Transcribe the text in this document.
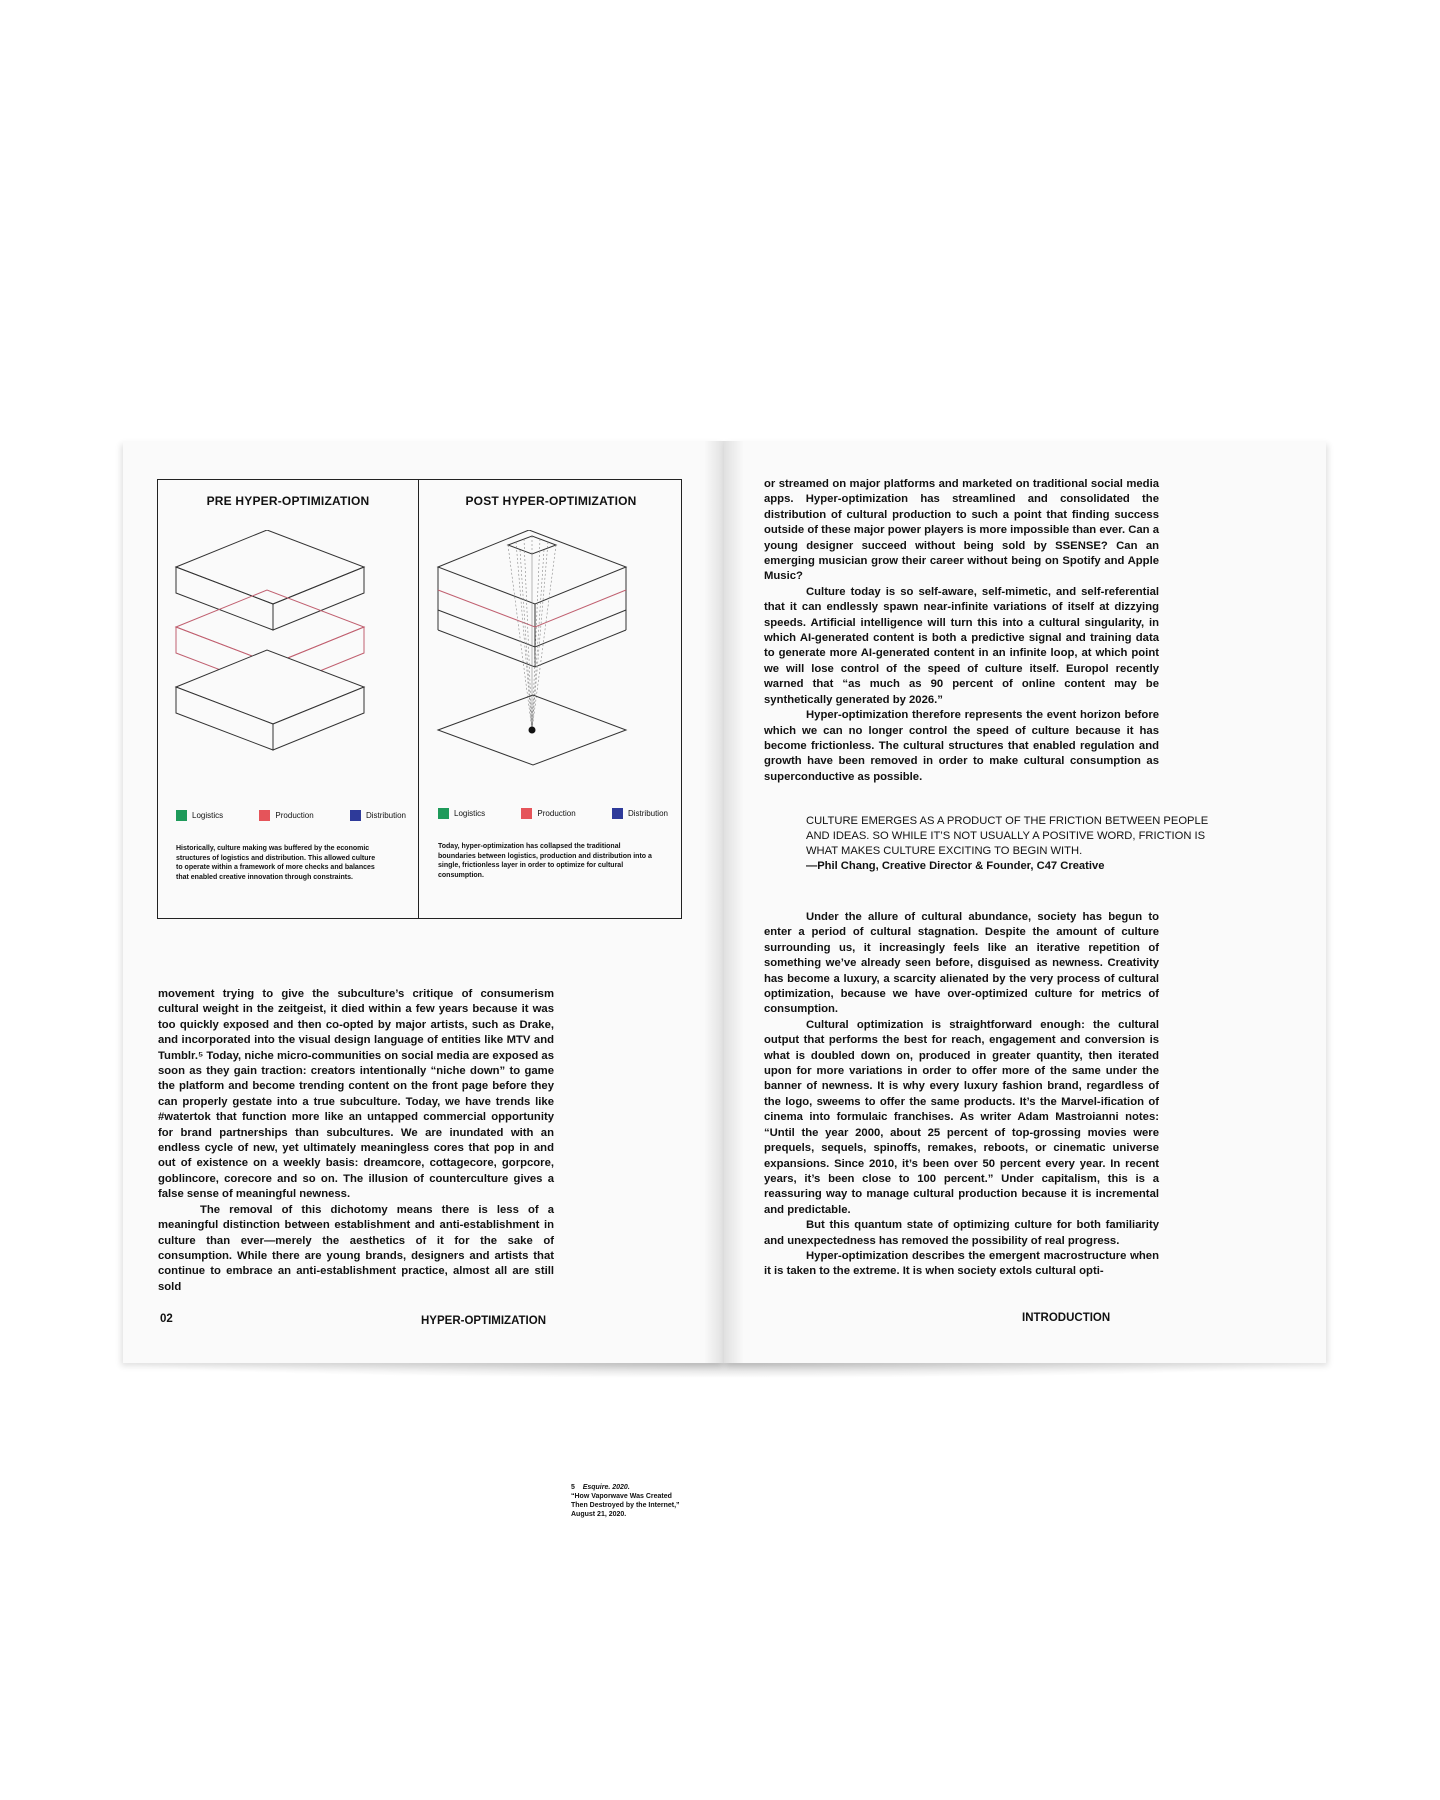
PRE HYPER-OPTIMIZATION
Logistics	Production	Distribution
Historically, culture making was buffered by the economic structures of logistics and distribution. This allowed culture to operate within a framework of more checks and balances that enabled creative innovation through constraints.
POST HYPER-OPTIMIZATION
Logistics	Production	Distribution
Today, hyper-optimization has collapsed the traditional boundaries between logistics, production and distribution into a single, frictionless layer in order to optimize for cultural consumption.

movement trying to give the subculture’s critique of consumerism cultural weight in the zeitgeist, it died within a few years because it was too quickly exposed and then co-opted by major artists, such as Drake, and incorporated into the visual design language of entities like MTV and Tumblr.⁵ Today, niche micro-communities on social media are exposed as soon as they gain traction: creators intentionally “niche down” to game the platform and become trending content on the front page before they can properly gestate into a true subculture. Today, we have trends like #watertok that function more like an untapped commercial opportunity for brand partnerships than subcultures. We are inundated with an endless cycle of new, yet ultimately meaningless cores that pop in and out of existence on a weekly basis: dreamcore, cottagecore, gorpcore, goblincore, corecore and so on. The illusion of counterculture gives a false sense of meaningful newness.

The removal of this dichotomy means there is less of a meaningful distinction between establishment and anti-establishment in culture than ever—merely the aesthetics of it for the sake of consumption. While there are young brands, designers and artists that continue to embrace an anti-establishment practice, almost all are still sold

5 Esquire. 2020.
“How Vaporwave Was Created Then Destroyed by the Internet,” August 21, 2020.
02	HYPER-OPTIMIZATION

or streamed on major platforms and marketed on traditional social media apps. Hyper-optimization has streamlined and consolidated the distribution of cultural production to such a point that finding success outside of these major power players is more impossible than ever. Can a young designer succeed without being sold by SSENSE? Can an emerging musician grow their career without being on Spotify and Apple Music?

Culture today is so self-aware, self-mimetic, and self-referential that it can endlessly spawn near-infinite variations of itself at dizzying speeds. Artificial intelligence will turn this into a cultural singularity, in which AI-generated content is both a predictive signal and training data to generate more AI-generated content in an infinite loop, at which point we will lose control of the speed of culture itself. Europol recently warned that “as much as 90 percent of online content may be synthetically generated by 2026.”

Hyper-optimization therefore represents the event horizon before which we can no longer control the speed of culture because it has become frictionless. The cultural structures that enabled regulation and growth have been removed in order to make cultural consumption as superconductive as possible.

CULTURE EMERGES AS A PRODUCT OF THE FRICTION BETWEEN PEOPLE AND IDEAS. SO WHILE IT’S NOT USUALLY A POSITIVE WORD, FRICTION IS WHAT MAKES CULTURE EXCITING TO BEGIN WITH.
—Phil Chang, Creative Director & Founder, C47 Creative

Under the allure of cultural abundance, society has begun to enter a period of cultural stagnation. Despite the amount of culture surrounding us, it increasingly feels like an iterative repetition of something we’ve already seen before, disguised as newness. Creativity has become a luxury, a scarcity alienated by the very process of cultural optimization, because we have over-optimized culture for metrics of consumption.

Cultural optimization is straightforward enough: the cultural output that performs the best for reach, engagement and conversion is what is doubled down on, produced in greater quantity, then iterated upon for more variations in order to offer more of the same under the banner of newness. It is why every luxury fashion brand, regardless of the logo, sweems to offer the same products. It’s the Marvel-ification of cinema into formulaic franchises. As writer Adam Mastroianni notes: “Until the year 2000, about 25 percent of top-grossing movies were prequels, sequels, spinoffs, remakes, reboots, or cinematic universe expansions. Since 2010, it’s been over 50 percent every year. In recent years, it’s been close to 100 percent.” Under capitalism, this is a reassuring way to manage cultural production because it is incremental and predictable.

But this quantum state of optimizing culture for both familiarity and unexpectedness has removed the possibility of real progress.

Hyper-optimization describes the emergent macrostructure when it is taken to the extreme. It is when society extols cultural opti-

INTRODUCTION
